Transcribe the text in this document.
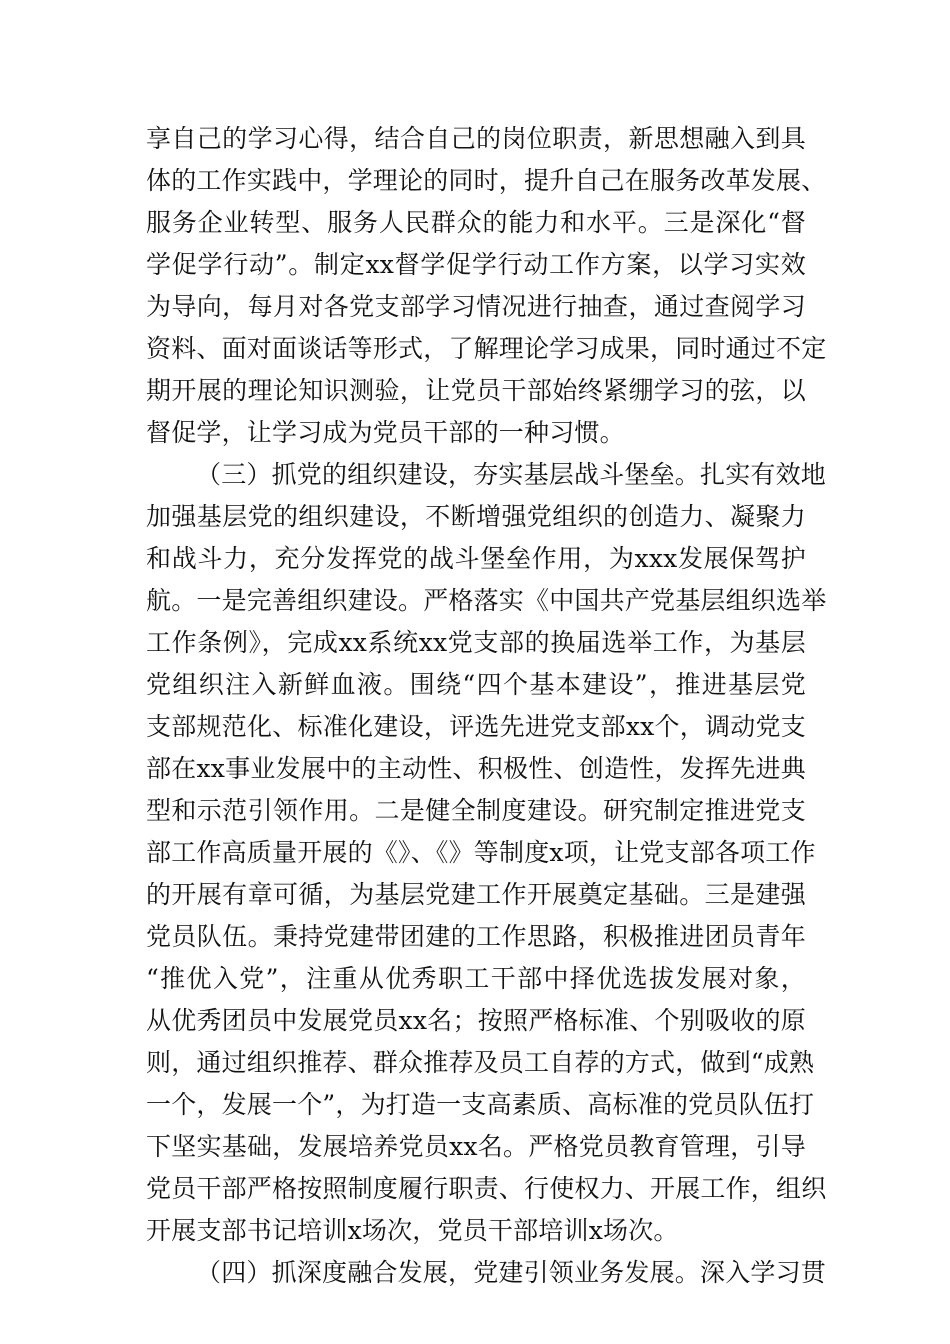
享自己的学习心得，结合自己的岗位职责，新思想融入到具
体的工作实践中，学理论的同时，提升自己在服务改革发展、
服务企业转型、服务人民群众的能力和水平。三是深化“督
学促学行动”。制定xx督学促学行动工作方案，以学习实效
为导向，每月对各党支部学习情况进行抽查，通过查阅学习
资料、面对面谈话等形式，了解理论学习成果，同时通过不定
期开展的理论知识测验，让党员干部始终紧绷学习的弦，以
督促学，让学习成为党员干部的一种习惯。
（三）抓党的组织建设，夯实基层战斗堡垒。扎实有效地
加强基层党的组织建设，不断增强党组织的创造力、凝聚力
和战斗力，充分发挥党的战斗堡垒作用，为xxx发展保驾护
航。一是完善组织建设。严格落实《中国共产党基层组织选举
工作条例》，完成xx系统xx党支部的换届选举工作，为基层
党组织注入新鲜血液。围绕“四个基本建设”，推进基层党
支部规范化、标准化建设，评选先进党支部xx个，调动党支
部在xx事业发展中的主动性、积极性、创造性，发挥先进典
型和示范引领作用。二是健全制度建设。研究制定推进党支
部工作高质量开展的《》、《》等制度x项，让党支部各项工作
的开展有章可循，为基层党建工作开展奠定基础。三是建强
党员队伍。秉持党建带团建的工作思路，积极推进团员青年
“推优入党”，注重从优秀职工干部中择优选拔发展对象，
从优秀团员中发展党员xx名；按照严格标准、个别吸收的原
则，通过组织推荐、群众推荐及员工自荐的方式，做到“成熟
一个，发展一个”，为打造一支高素质、高标准的党员队伍打
下坚实基础，发展培养党员xx名。严格党员教育管理，引导
党员干部严格按照制度履行职责、行使权力、开展工作，组织
开展支部书记培训x场次，党员干部培训x场次。
（四）抓深度融合发展，党建引领业务发展。深入学习贯
